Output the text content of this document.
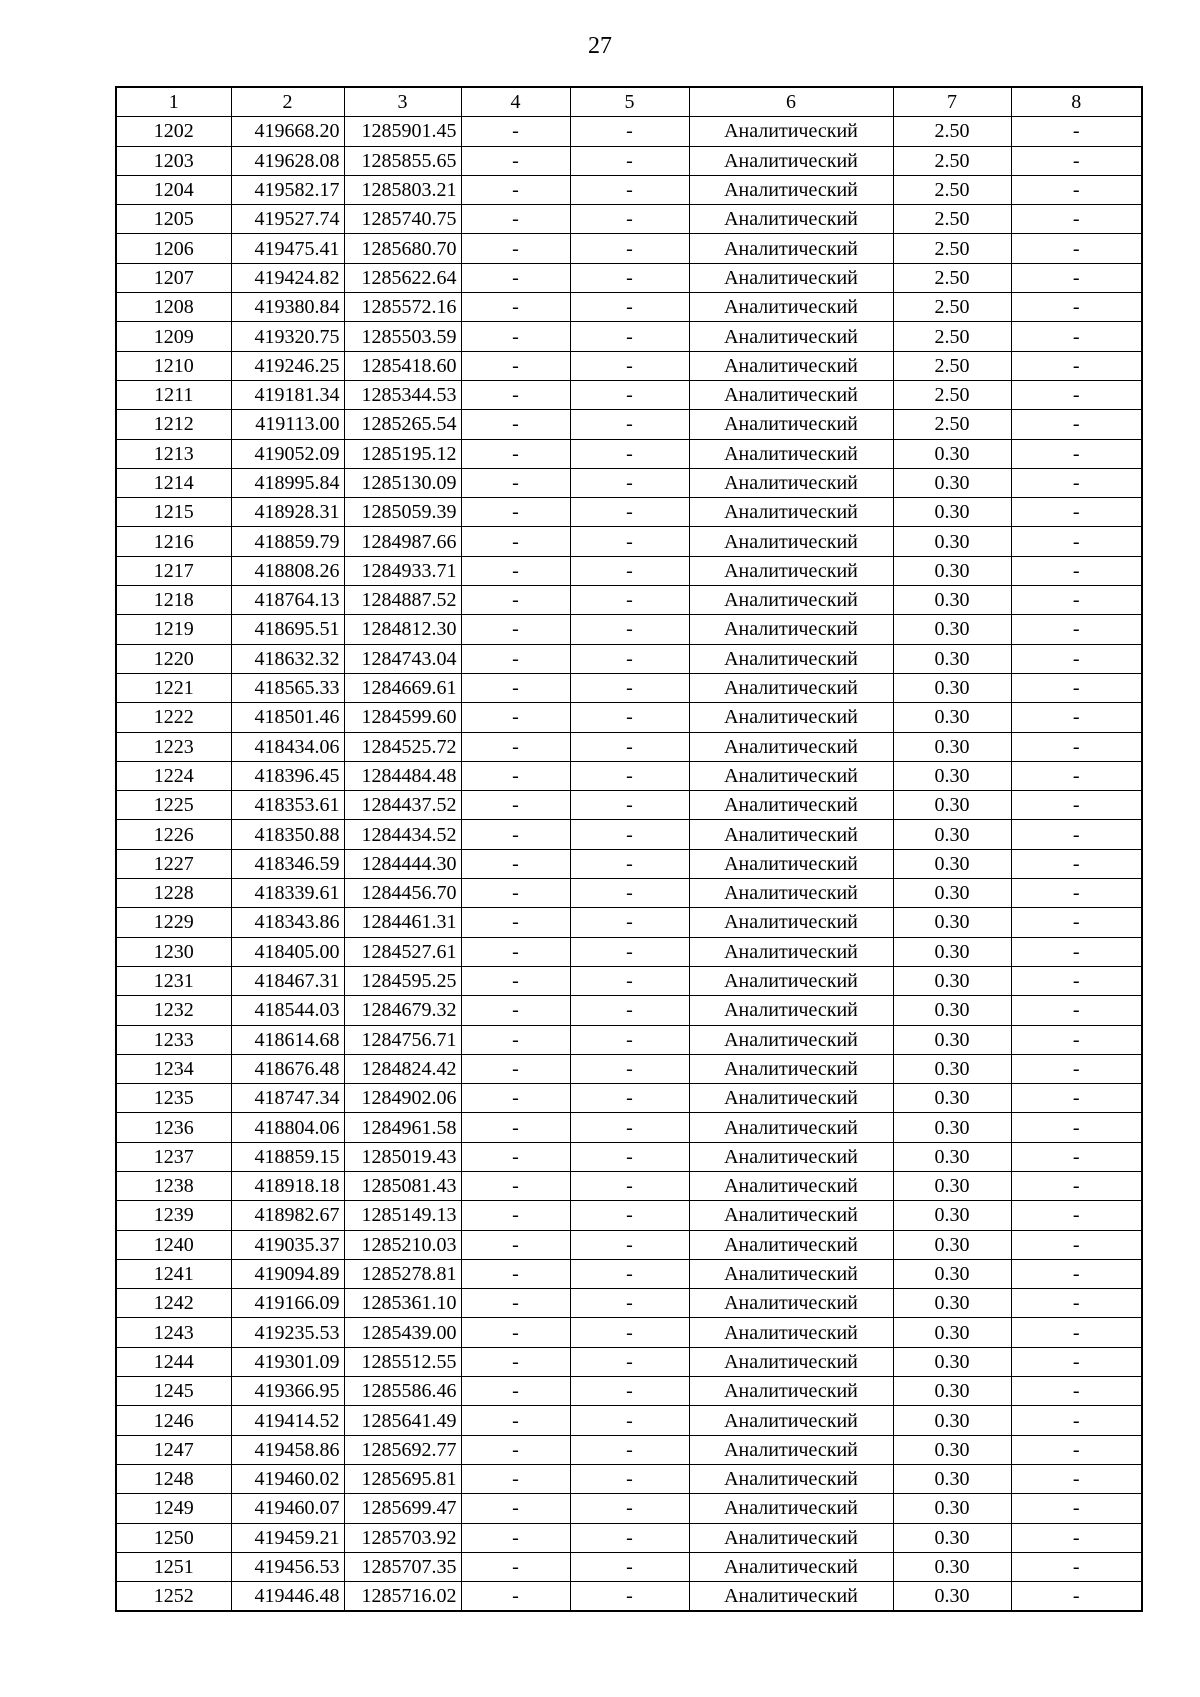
27
1	2	3	4	5	6	7	8
1202	419668.20	1285901.45	-	-	Аналитический	2.50	-
1203	419628.08	1285855.65	-	-	Аналитический	2.50	-
1204	419582.17	1285803.21	-	-	Аналитический	2.50	-
1205	419527.74	1285740.75	-	-	Аналитический	2.50	-
1206	419475.41	1285680.70	-	-	Аналитический	2.50	-
1207	419424.82	1285622.64	-	-	Аналитический	2.50	-
1208	419380.84	1285572.16	-	-	Аналитический	2.50	-
1209	419320.75	1285503.59	-	-	Аналитический	2.50	-
1210	419246.25	1285418.60	-	-	Аналитический	2.50	-
1211	419181.34	1285344.53	-	-	Аналитический	2.50	-
1212	419113.00	1285265.54	-	-	Аналитический	2.50	-
1213	419052.09	1285195.12	-	-	Аналитический	0.30	-
1214	418995.84	1285130.09	-	-	Аналитический	0.30	-
1215	418928.31	1285059.39	-	-	Аналитический	0.30	-
1216	418859.79	1284987.66	-	-	Аналитический	0.30	-
1217	418808.26	1284933.71	-	-	Аналитический	0.30	-
1218	418764.13	1284887.52	-	-	Аналитический	0.30	-
1219	418695.51	1284812.30	-	-	Аналитический	0.30	-
1220	418632.32	1284743.04	-	-	Аналитический	0.30	-
1221	418565.33	1284669.61	-	-	Аналитический	0.30	-
1222	418501.46	1284599.60	-	-	Аналитический	0.30	-
1223	418434.06	1284525.72	-	-	Аналитический	0.30	-
1224	418396.45	1284484.48	-	-	Аналитический	0.30	-
1225	418353.61	1284437.52	-	-	Аналитический	0.30	-
1226	418350.88	1284434.52	-	-	Аналитический	0.30	-
1227	418346.59	1284444.30	-	-	Аналитический	0.30	-
1228	418339.61	1284456.70	-	-	Аналитический	0.30	-
1229	418343.86	1284461.31	-	-	Аналитический	0.30	-
1230	418405.00	1284527.61	-	-	Аналитический	0.30	-
1231	418467.31	1284595.25	-	-	Аналитический	0.30	-
1232	418544.03	1284679.32	-	-	Аналитический	0.30	-
1233	418614.68	1284756.71	-	-	Аналитический	0.30	-
1234	418676.48	1284824.42	-	-	Аналитический	0.30	-
1235	418747.34	1284902.06	-	-	Аналитический	0.30	-
1236	418804.06	1284961.58	-	-	Аналитический	0.30	-
1237	418859.15	1285019.43	-	-	Аналитический	0.30	-
1238	418918.18	1285081.43	-	-	Аналитический	0.30	-
1239	418982.67	1285149.13	-	-	Аналитический	0.30	-
1240	419035.37	1285210.03	-	-	Аналитический	0.30	-
1241	419094.89	1285278.81	-	-	Аналитический	0.30	-
1242	419166.09	1285361.10	-	-	Аналитический	0.30	-
1243	419235.53	1285439.00	-	-	Аналитический	0.30	-
1244	419301.09	1285512.55	-	-	Аналитический	0.30	-
1245	419366.95	1285586.46	-	-	Аналитический	0.30	-
1246	419414.52	1285641.49	-	-	Аналитический	0.30	-
1247	419458.86	1285692.77	-	-	Аналитический	0.30	-
1248	419460.02	1285695.81	-	-	Аналитический	0.30	-
1249	419460.07	1285699.47	-	-	Аналитический	0.30	-
1250	419459.21	1285703.92	-	-	Аналитический	0.30	-
1251	419456.53	1285707.35	-	-	Аналитический	0.30	-
1252	419446.48	1285716.02	-	-	Аналитический	0.30	-
